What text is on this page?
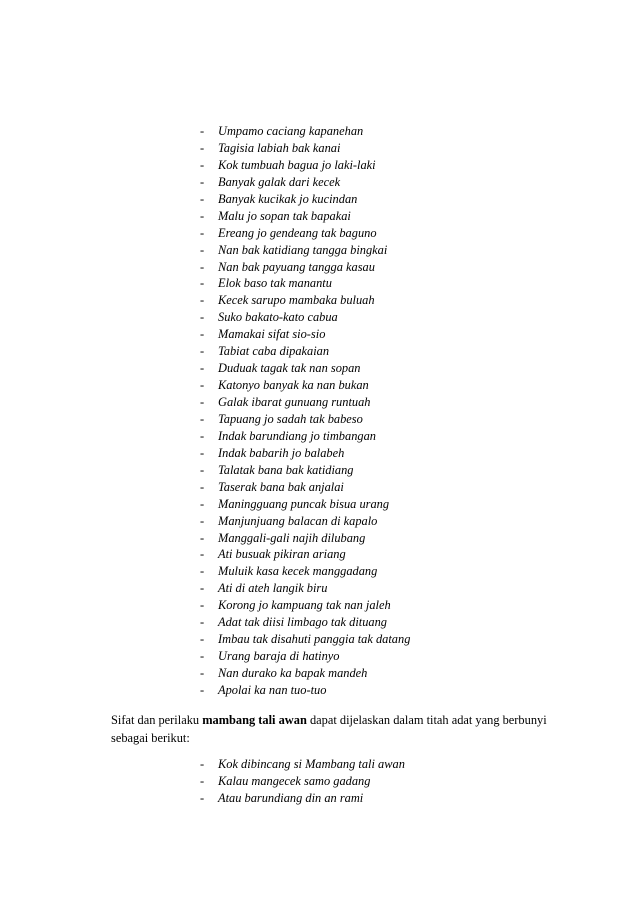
- Umpamo caciang kapanehan
- Tagisia labiah bak kanai
- Kok tumbuah bagua jo laki-laki
- Banyak galak dari kecek
- Banyak kucikak jo kucindan
- Malu jo sopan tak bapakai
- Ereang jo gendeang tak baguno
- Nan bak katidiang tangga bingkai
- Nan bak payuang tangga kasau
- Elok baso tak manantu
- Kecek sarupo mambaka buluah
- Suko bakato-kato cabua
- Mamakai sifat sio-sio
- Tabiat caba dipakaian
- Duduak tagak tak nan sopan
- Katonyo banyak ka nan bukan
- Galak ibarat gunuang runtuah
- Tapuang jo sadah tak babeso
- Indak barundiang jo timbangan
- Indak babarih jo balabeh
- Talatak bana bak katidiang
- Taserak bana bak anjalai
- Maningguang puncak bisua urang
- Manjunjuang balacan di kapalo
- Manggali-gali najih dilubang
- Ati busuak pikiran ariang
- Muluik kasa kecek manggadang
- Ati di ateh langik biru
- Korong jo kampuang tak nan jaleh
- Adat tak diisi limbago tak dituang
- Imbau tak disahuti panggia tak datang
- Urang baraja di hatinyo
- Nan durako ka bapak mandeh
- Apolai ka nan tuo-tuo

Sifat dan perilaku mambang tali awan dapat dijelaskan dalam titah adat yang berbunyi sebagai berikut:

- Kok dibincang si Mambang tali awan
- Kalau mangecek samo gadang
- Atau barundiang din an rami
